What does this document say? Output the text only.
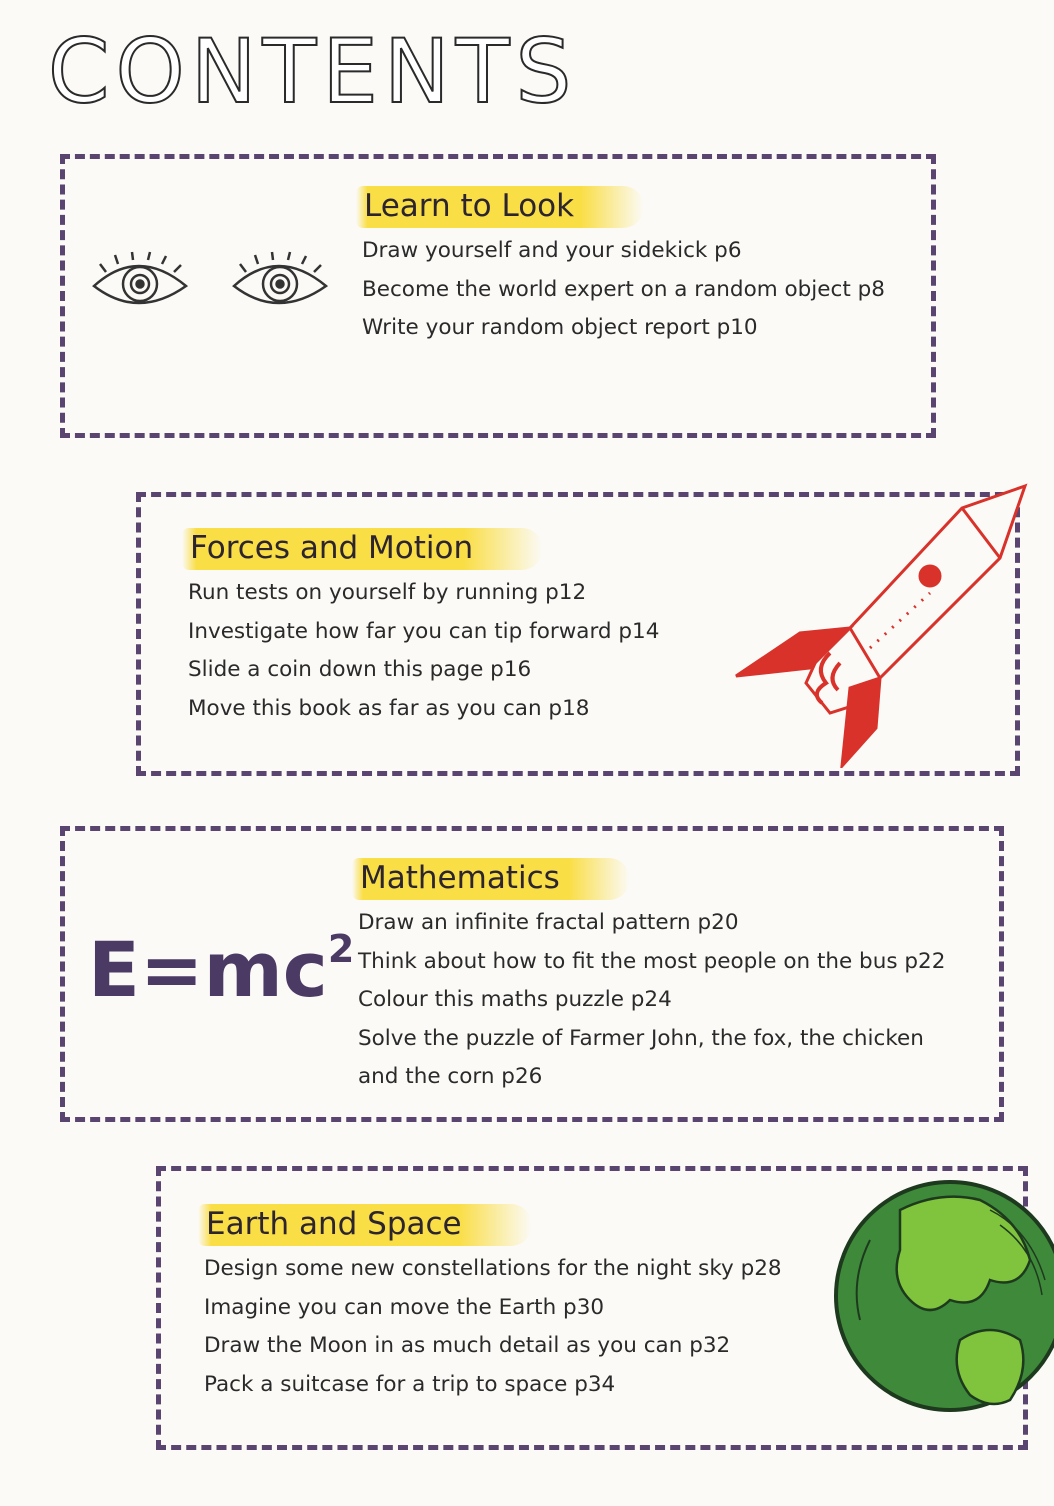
CONTENTS
Learn to Look
Draw yourself and your sidekick p6
Become the world expert on a random object p8
Write your random object report p10
Forces and Motion
Run tests on yourself by running p12
Investigate how far you can tip forward p14
Slide a coin down this page p16
Move this book as far as you can p18
$E=mc^2$
Mathematics
Draw an infinite fractal pattern p20
Think about how to fit the most people on the bus p22
Colour this maths puzzle p24
Solve the puzzle of Farmer John, the fox, the chicken
and the corn p26
Earth and Space
Design some new constellations for the night sky p28
Imagine you can move the Earth p30
Draw the Moon in as much detail as you can p32
Pack a suitcase for a trip to space p34
